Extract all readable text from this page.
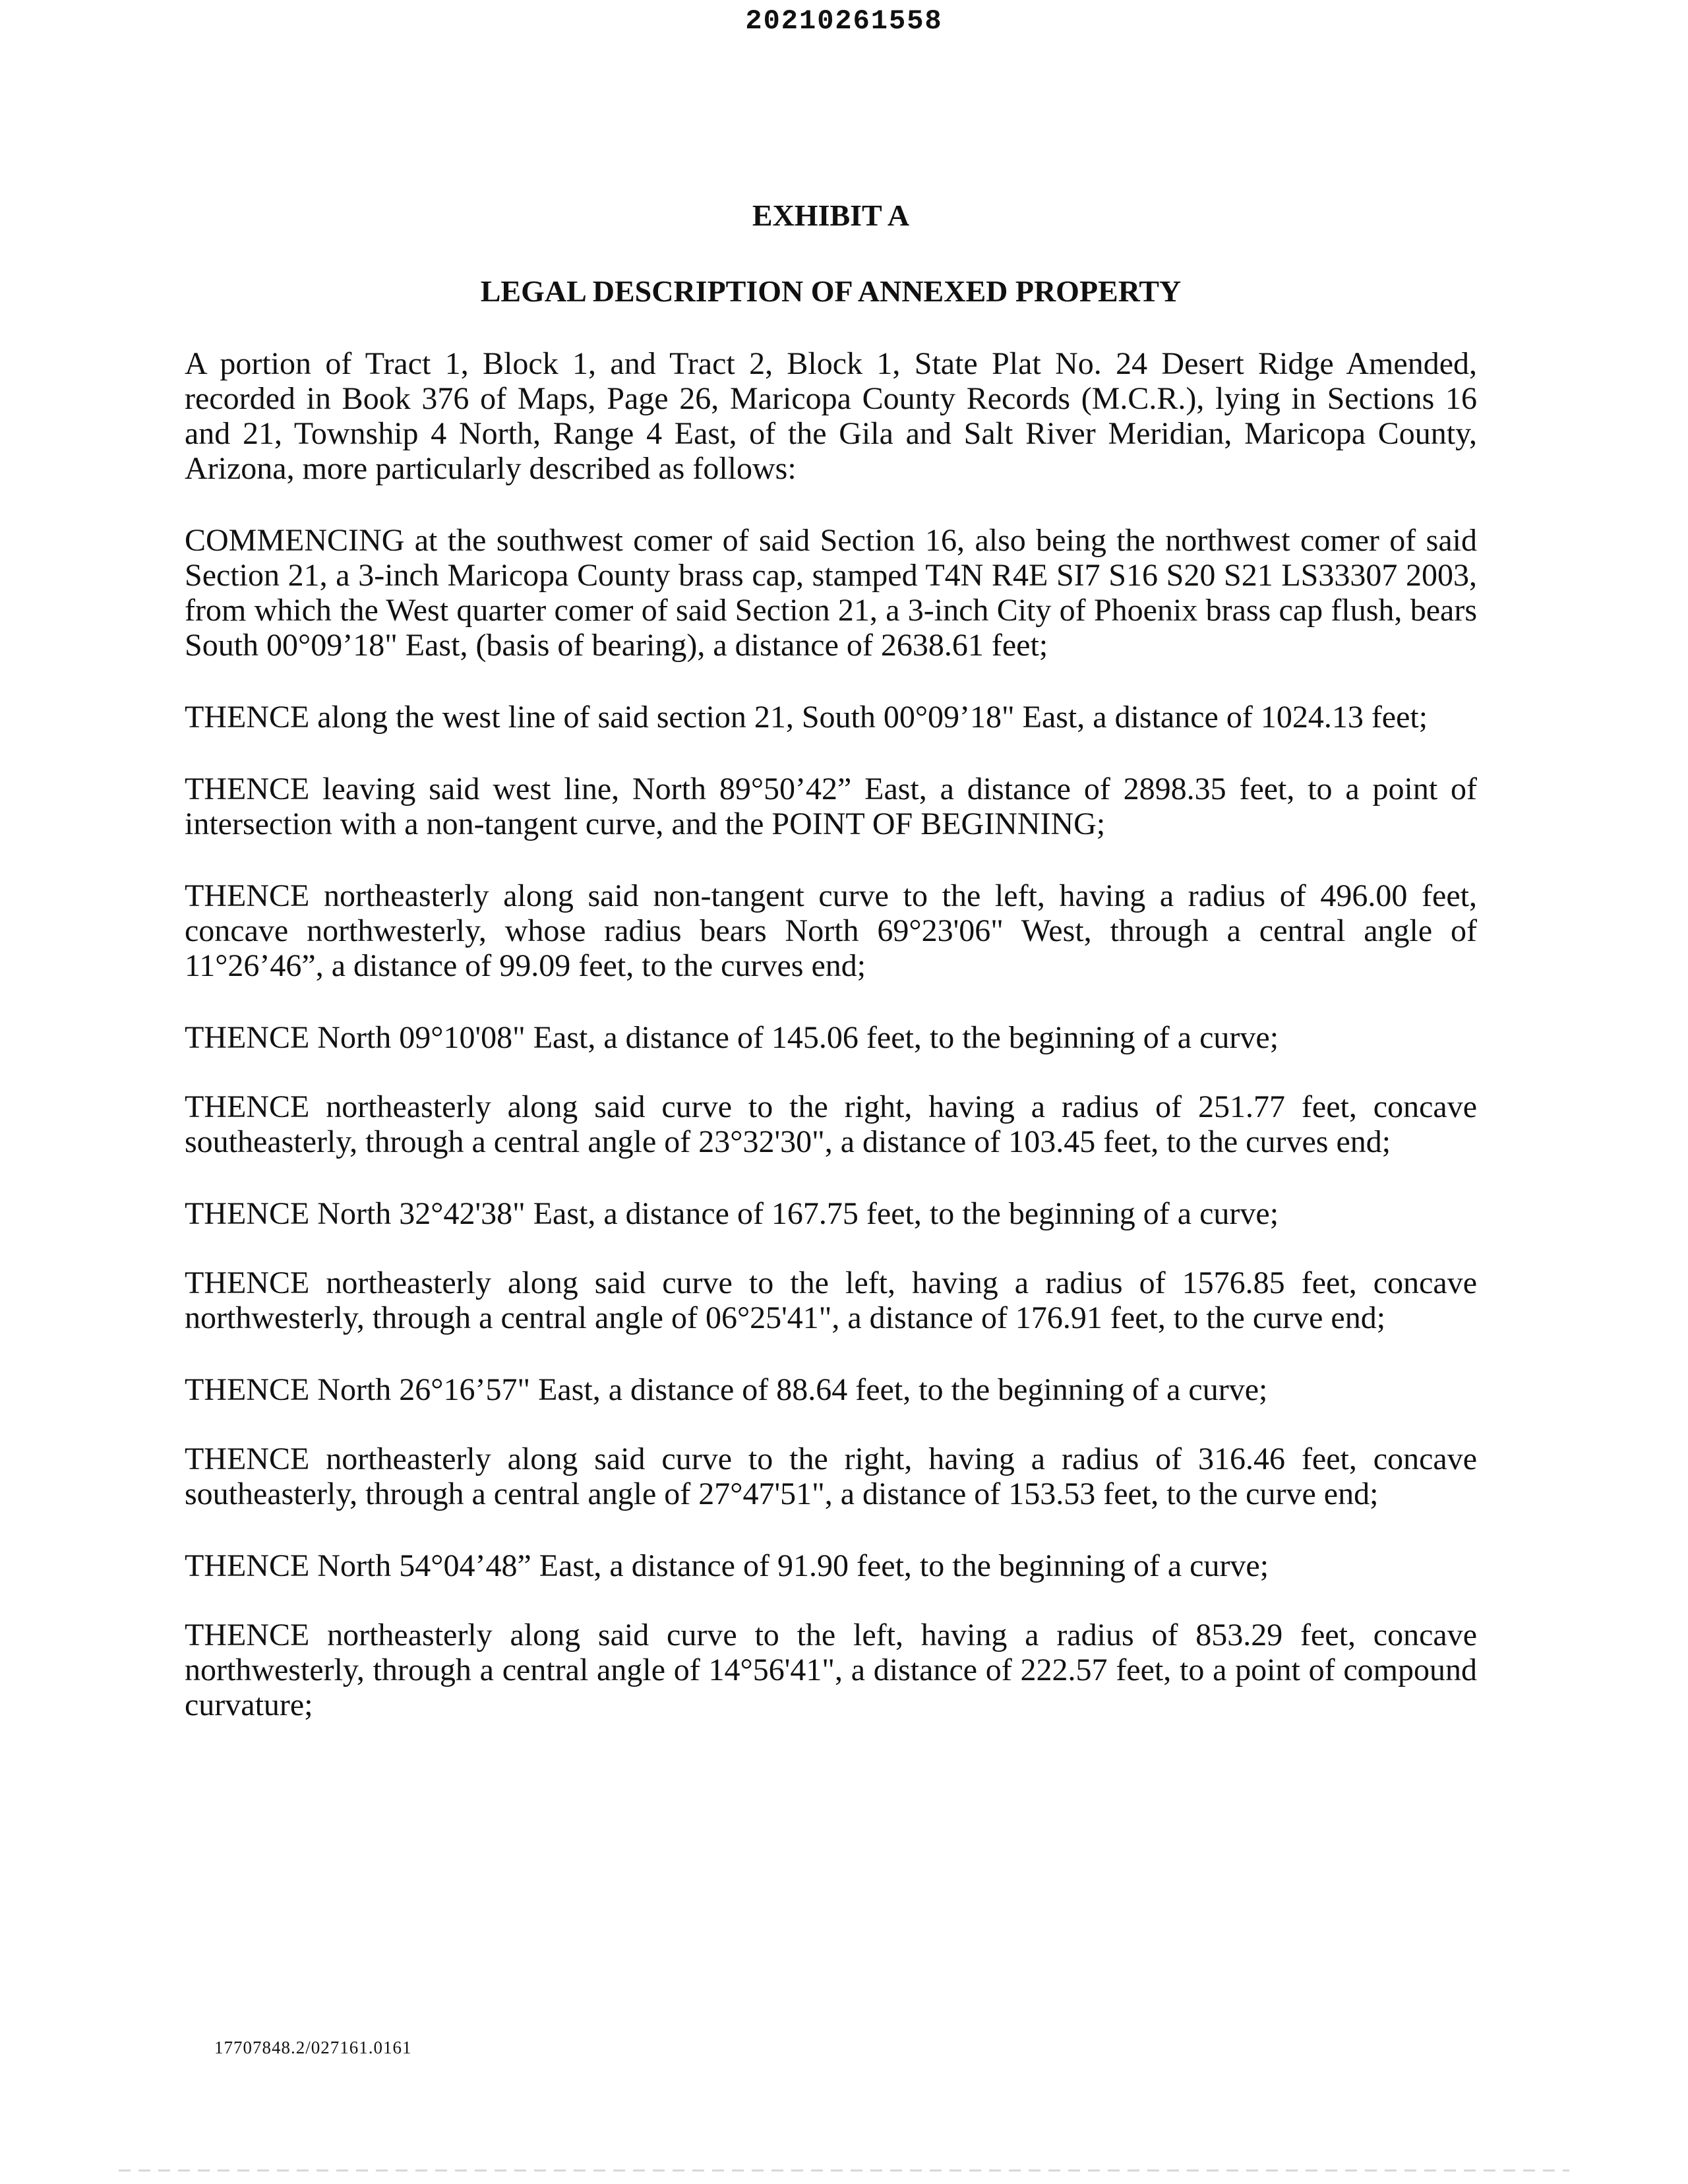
20210261558
EXHIBIT A
LEGAL DESCRIPTION OF ANNEXED PROPERTY

A portion of Tract 1, Block 1, and Tract 2, Block 1, State Plat No. 24 Desert Ridge Amended, recorded in Book 376 of Maps, Page 26, Maricopa County Records (M.C.R.), lying in Sections 16 and 21, Township 4 North, Range 4 East, of the Gila and Salt River Meridian, Maricopa County, Arizona, more particularly described as follows:

COMMENCING at the southwest comer of said Section 16, also being the northwest comer of said Section 21, a 3-inch Maricopa County brass cap, stamped T4N R4E SI7 S16 S20 S21 LS33307 2003, from which the West quarter comer of said Section 21, a 3-inch City of Phoenix brass cap flush, bears South 00°09’18" East, (basis of bearing), a distance of 2638.61 feet;

THENCE along the west line of said section 21, South 00°09’18" East, a distance of 1024.13 feet;

THENCE leaving said west line, North 89°50’42” East, a distance of 2898.35 feet, to a point of intersection with a non-tangent curve, and the POINT OF BEGINNING;

THENCE northeasterly along said non-tangent curve to the left, having a radius of 496.00 feet, concave northwesterly, whose radius bears North 69°23'06" West, through a central angle of 11°26’46”, a distance of 99.09 feet, to the curves end;

THENCE North 09°10'08" East, a distance of 145.06 feet, to the beginning of a curve;

THENCE northeasterly along said curve to the right, having a radius of 251.77 feet, concave southeasterly, through a central angle of 23°32'30", a distance of 103.45 feet, to the curves end;

THENCE North 32°42'38" East, a distance of 167.75 feet, to the beginning of a curve;

THENCE northeasterly along said curve to the left, having a radius of 1576.85 feet, concave northwesterly, through a central angle of 06°25'41", a distance of 176.91 feet, to the curve end;

THENCE North 26°16’57" East, a distance of 88.64 feet, to the beginning of a curve;

THENCE northeasterly along said curve to the right, having a radius of 316.46 feet, concave southeasterly, through a central angle of 27°47'51", a distance of 153.53 feet, to the curve end;

THENCE North 54°04’48” East, a distance of 91.90 feet, to the beginning of a curve;

THENCE northeasterly along said curve to the left, having a radius of 853.29 feet, concave northwesterly, through a central angle of 14°56'41", a distance of 222.57 feet, to a point of compound curvature;

17707848.2/027161.0161
